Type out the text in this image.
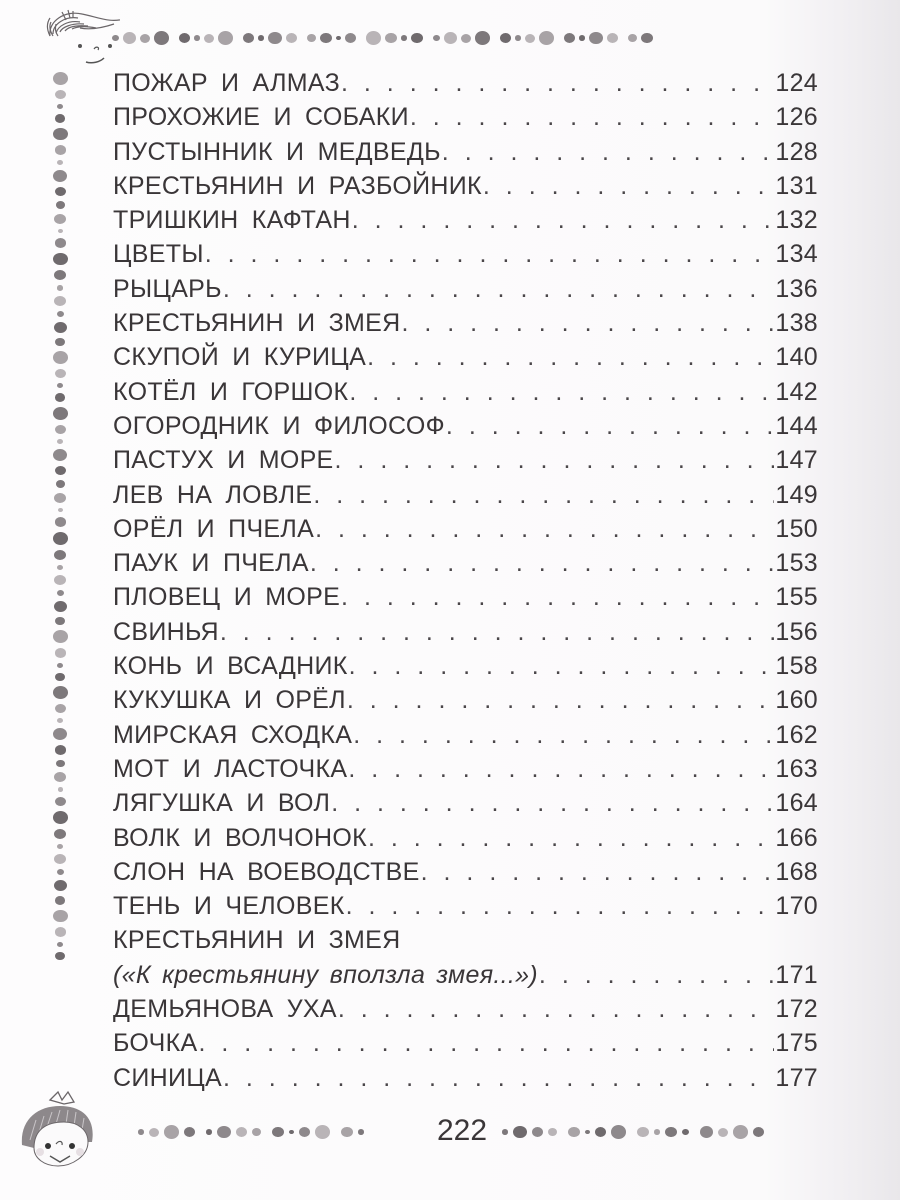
ПОЖАР И АЛМАЗ . . .	124
ПРОХОЖИЕ И СОБАКИ . . .	126
ПУСТЫННИК И МЕДВЕДЬ . . .	128
КРЕСТЬЯНИН И РАЗБОЙНИК . . .	131
ТРИШКИН КАФТАН . . .	132
ЦВЕТЫ . . .	134
РЫЦАРЬ . . .	136
КРЕСТЬЯНИН И ЗМЕЯ . . .	138
СКУПОЙ И КУРИЦА . . .	140
КОТЁЛ И ГОРШОК . . .	142
ОГОРОДНИК И ФИЛОСОФ . . .	144
ПАСТУХ И МОРЕ . . .	147
ЛЕВ НА ЛОВЛЕ . . .	149
ОРЁЛ И ПЧЕЛА . . .	150
ПАУК И ПЧЕЛА . . .	153
ПЛОВЕЦ И МОРЕ . . .	155
СВИНЬЯ . . .	156
КОНЬ И ВСАДНИК . . .	158
КУКУШКА И ОРЁЛ . . .	160
МИРСКАЯ СХОДКА . . .	162
МОТ И ЛАСТОЧКА . . .	163
ЛЯГУШКА И ВОЛ . . .	164
ВОЛК И ВОЛЧОНОК . . .	166
СЛОН НА ВОЕВОДСТВЕ . . .	168
ТЕНЬ И ЧЕЛОВЕК . . .	170
КРЕСТЬЯНИН И ЗМЕЯ
(«К крестьянину вползла змея...») . . .	171
ДЕМЬЯНОВА УХА . . .	172
БОЧКА . . .	175
СИНИЦА . . .	177
222
